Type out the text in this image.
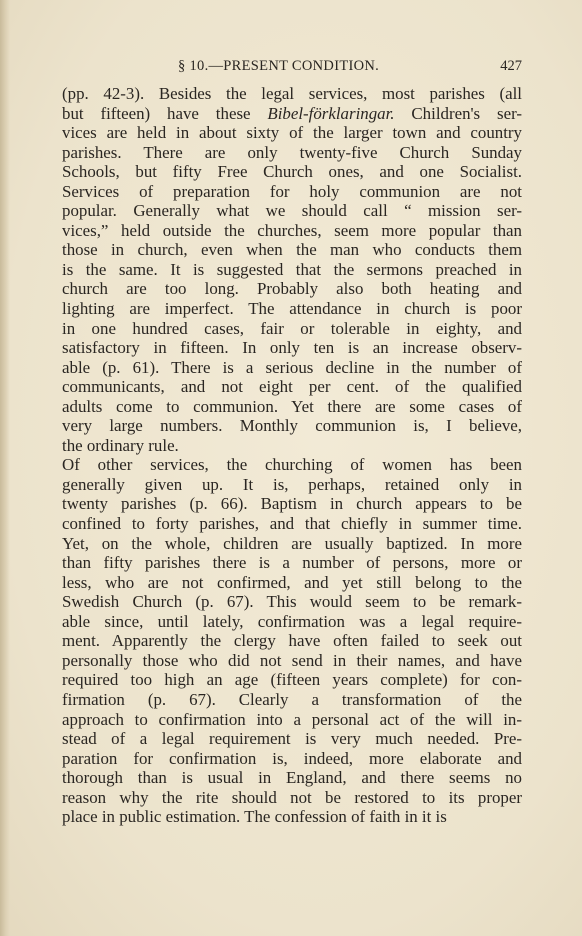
§ 10.—PRESENT CONDITION.	427
(pp. 42-3). Besides the legal services, most parishes (all
but fifteen) have these Bibel-förklaringar. Children's ser-
vices are held in about sixty of the larger town and country
parishes. There are only twenty-five Church Sunday
Schools, but fifty Free Church ones, and one Socialist.
Services of preparation for holy communion are not
popular. Generally what we should call “ mission ser-
vices,” held outside the churches, seem more popular than
those in church, even when the man who conducts them
is the same. It is suggested that the sermons preached in
church are too long. Probably also both heating and
lighting are imperfect. The attendance in church is poor
in one hundred cases, fair or tolerable in eighty, and
satisfactory in fifteen. In only ten is an increase observ-
able (p. 61). There is a serious decline in the number of
communicants, and not eight per cent. of the qualified
adults come to communion. Yet there are some cases of
very large numbers. Monthly communion is, I believe,
the ordinary rule.
Of other services, the churching of women has been
generally given up. It is, perhaps, retained only in
twenty parishes (p. 66). Baptism in church appears to be
confined to forty parishes, and that chiefly in summer time.
Yet, on the whole, children are usually baptized. In more
than fifty parishes there is a number of persons, more or
less, who are not confirmed, and yet still belong to the
Swedish Church (p. 67). This would seem to be remark-
able since, until lately, confirmation was a legal require-
ment. Apparently the clergy have often failed to seek out
personally those who did not send in their names, and have
required too high an age (fifteen years complete) for con-
firmation (p. 67). Clearly a transformation of the
approach to confirmation into a personal act of the will in-
stead of a legal requirement is very much needed. Pre-
paration for confirmation is, indeed, more elaborate and
thorough than is usual in England, and there seems no
reason why the rite should not be restored to its proper
place in public estimation. The confession of faith in it is
